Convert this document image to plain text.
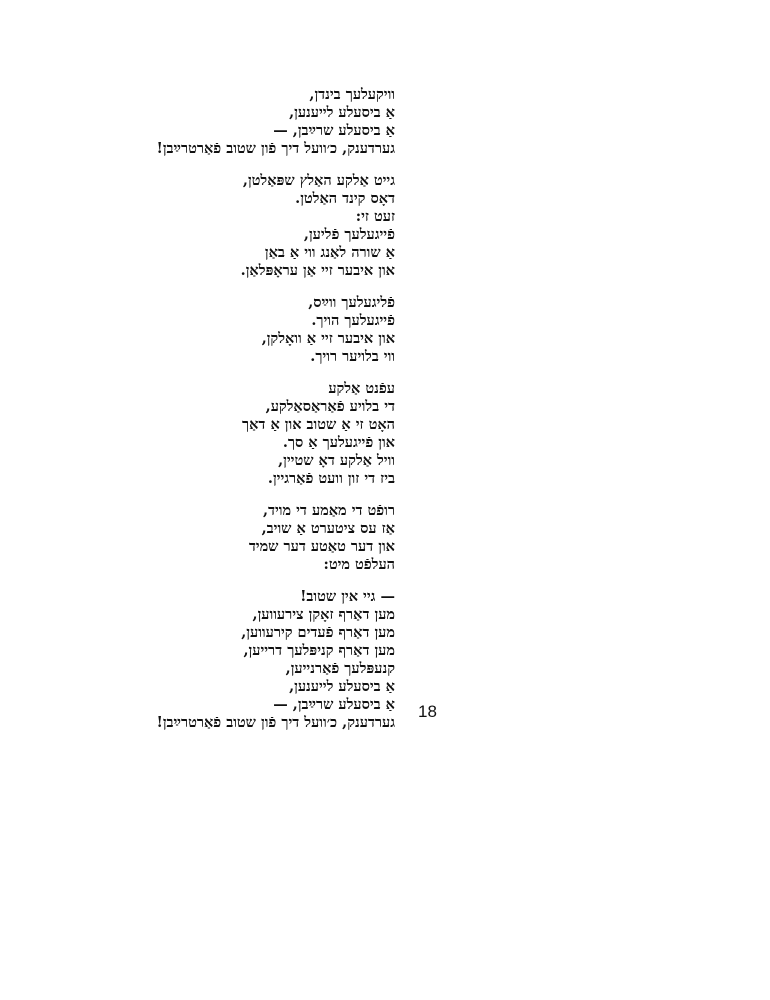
וויקעלעך בינדן,
אַ ביסעלע לייענען,
אַ ביסעלע שרײַבן, —
גערדענק, כ׳וועל דיך פֿון שטוב פֿאַרטרײַבן!
גייט אַלקע האַלץ שפּאַלטן,
דאָס קינד האַלטן.
זעט זי:
פֿייגעלעך פֿליען,
אַ שורה לאַנג ווי אַ באַן
און איבער זיי אַן עראָפּלאַן.
פֿליגעלעך ווײַס,
פֿייגעלעך הויך.
און איבער זיי אַ וואָלקן,
ווי בלויער רויך.
עפֿנט אַלקע
די בלויע פֿאַראַסאַלקע,
האָט זי אַ שטוב און אַ דאַך
און פֿייגעלעך אַ סך.
וויל אַלקע דאָ שטיין,
ביז די זון וועט פֿאַרגיין.
רופֿט די מאַמע די מויד,
אַז עס ציטערט אַ שויב,
און דער טאַטע דער שמיד
העלפֿט מיט:
— גיי אין שטוב!
מען דאַרף זאָקן צירעווען,
מען דאַרף פֿעדים קירעווען,
מען דאַרף קניפּלעך דרייען,
קנעפּלעך פֿאַרנייען,
אַ ביסעלע לייענען,
אַ ביסעלע שרײַבן, —
גערדענק, כ׳וועל דיך פֿון שטוב פֿאַרטרײַבן!
18
